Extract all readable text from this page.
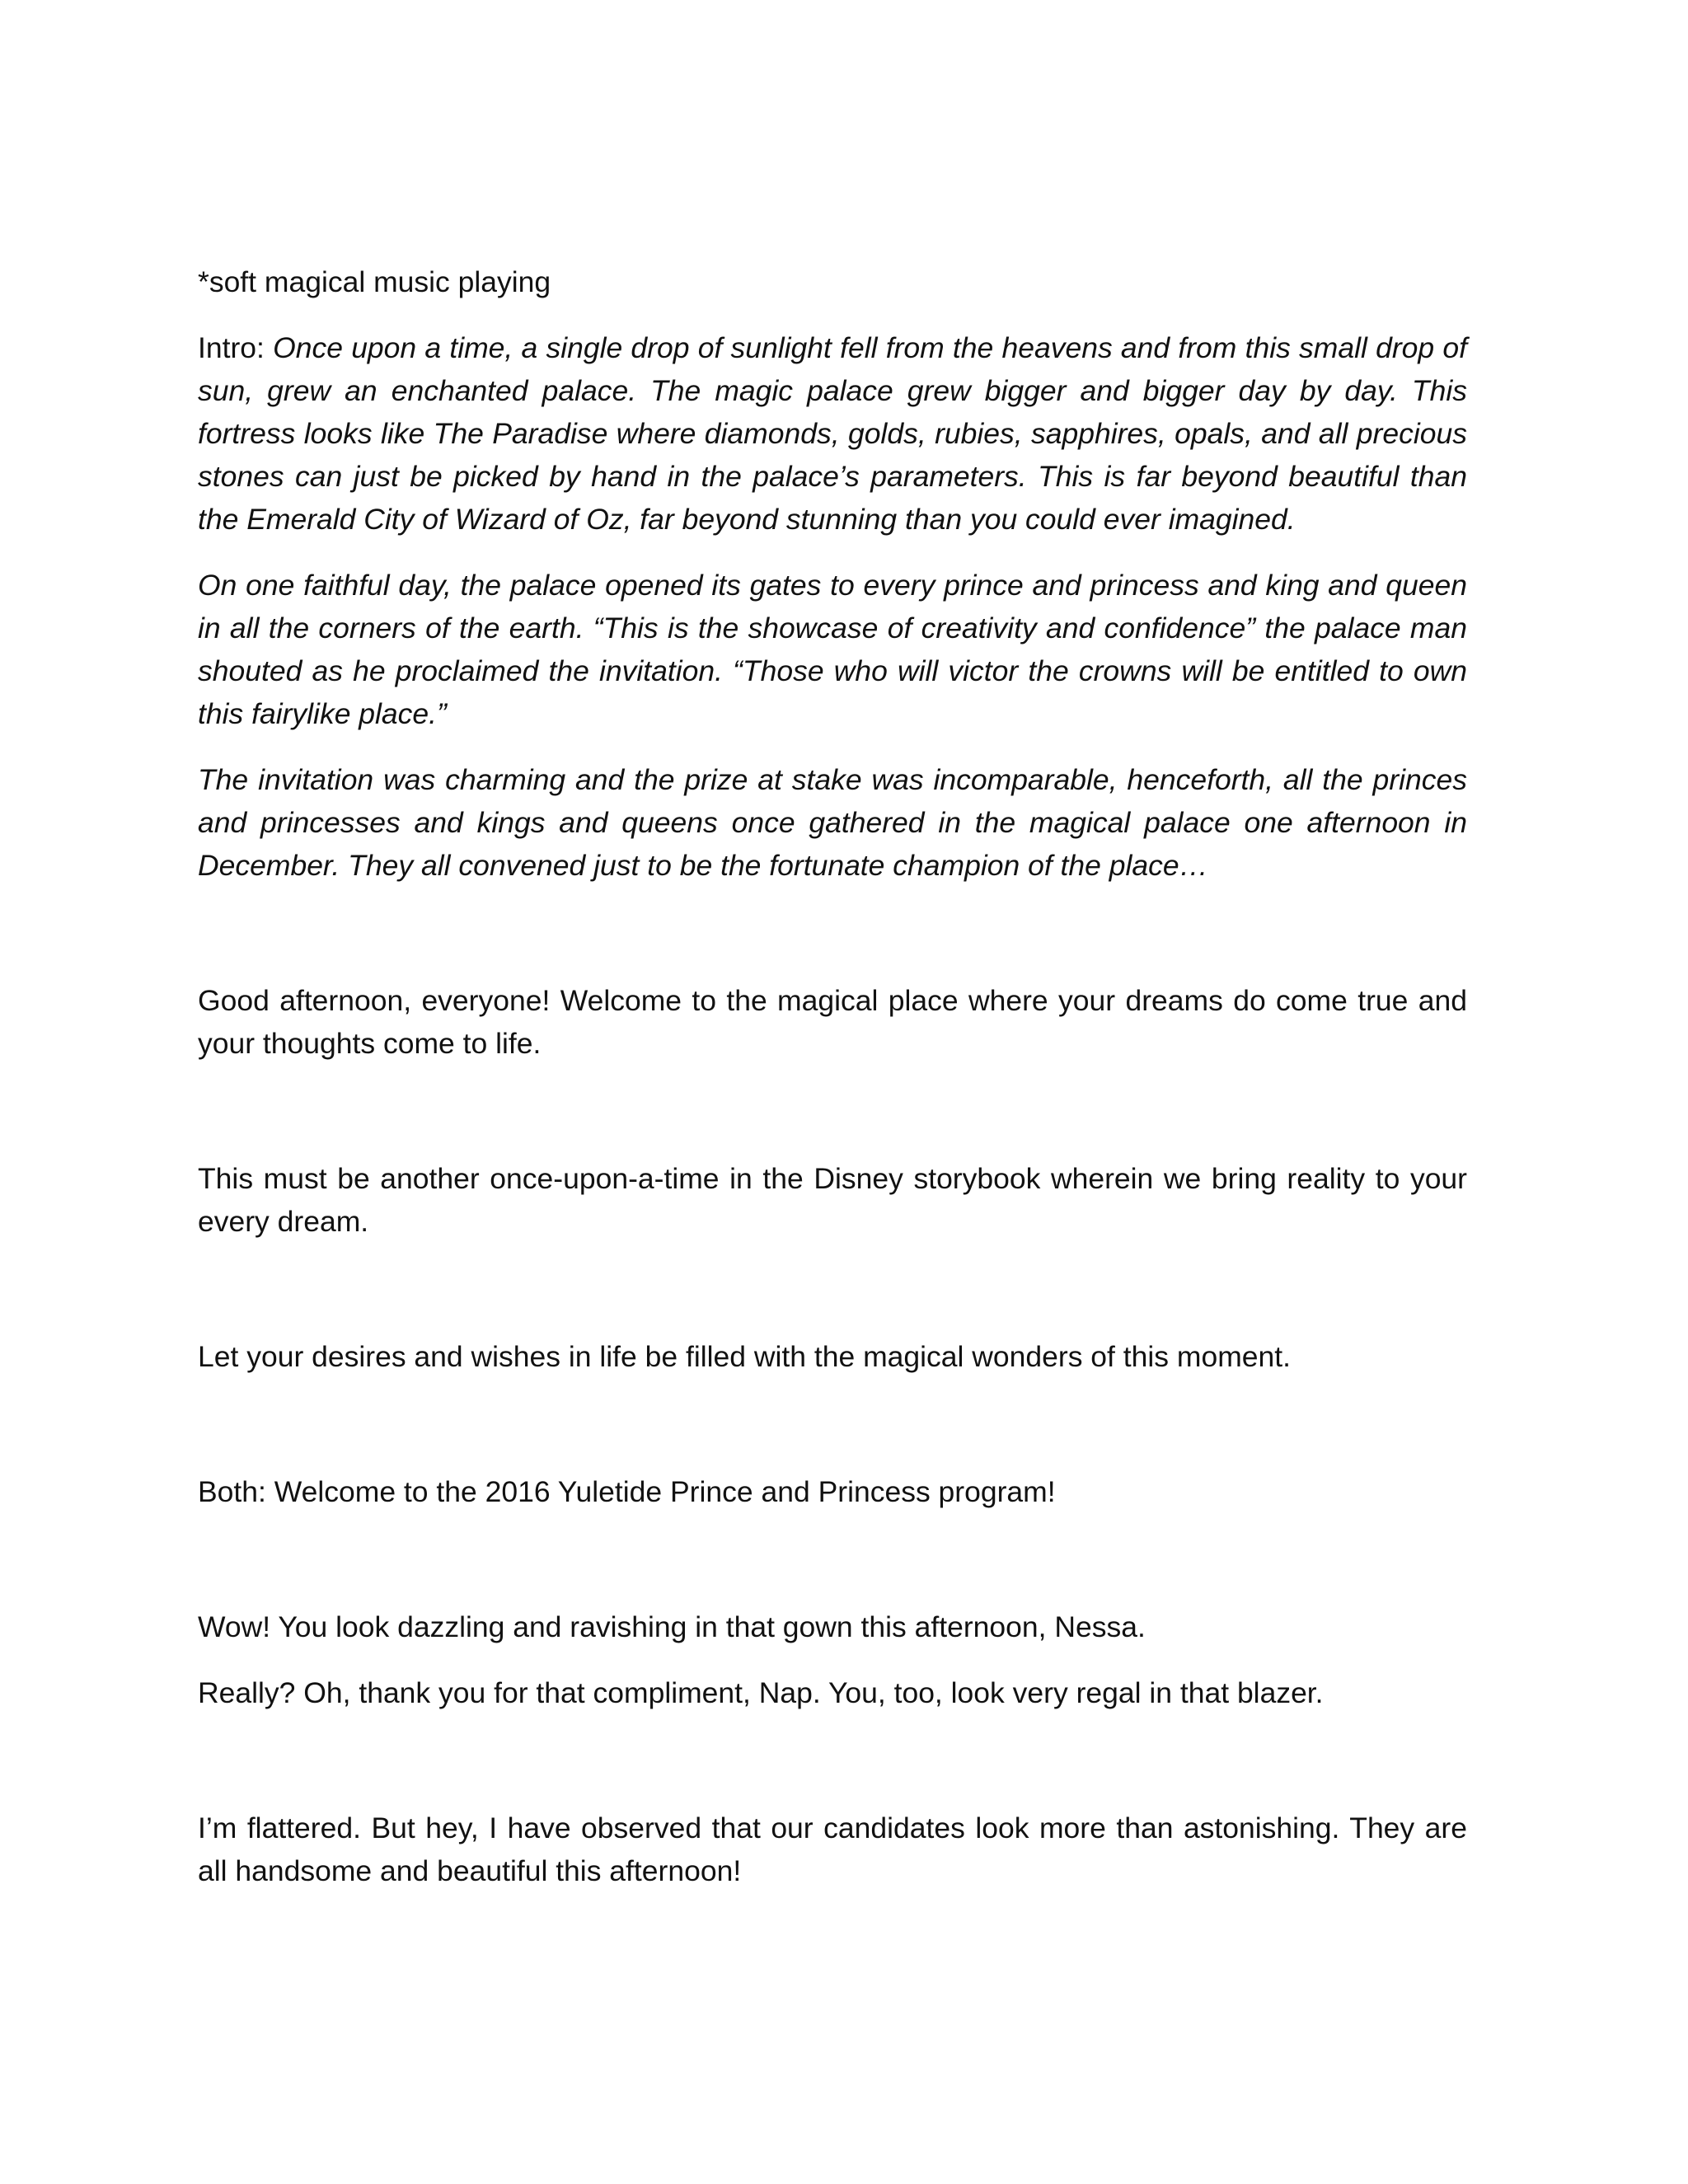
*soft magical music playing

Intro: Once upon a time, a single drop of sunlight fell from the heavens and from this small drop of sun, grew an enchanted palace. The magic palace grew bigger and bigger day by day. This fortress looks like The Paradise where diamonds, golds, rubies, sapphires, opals, and all precious stones can just be picked by hand in the palace’s parameters. This is far beyond beautiful than the Emerald City of Wizard of Oz, far beyond stunning than you could ever imagined.

On one faithful day, the palace opened its gates to every prince and princess and king and queen in all the corners of the earth. “This is the showcase of creativity and confidence” the palace man shouted as he proclaimed the invitation. “Those who will victor the crowns will be entitled to own this fairylike place.”

The invitation was charming and the prize at stake was incomparable, henceforth, all the princes and princesses and kings and queens once gathered in the magical palace one afternoon in December. They all convened just to be the fortunate champion of the place…

Good afternoon, everyone! Welcome to the magical place where your dreams do come true and your thoughts come to life.

This must be another once-upon-a-time in the Disney storybook wherein we bring reality to your every dream.

Let your desires and wishes in life be filled with the magical wonders of this moment.

Both: Welcome to the 2016 Yuletide Prince and Princess program!

Wow! You look dazzling and ravishing in that gown this afternoon, Nessa.

Really? Oh, thank you for that compliment, Nap. You, too, look very regal in that blazer.

I’m flattered. But hey, I have observed that our candidates look more than astonishing. They are all handsome and beautiful this afternoon!
